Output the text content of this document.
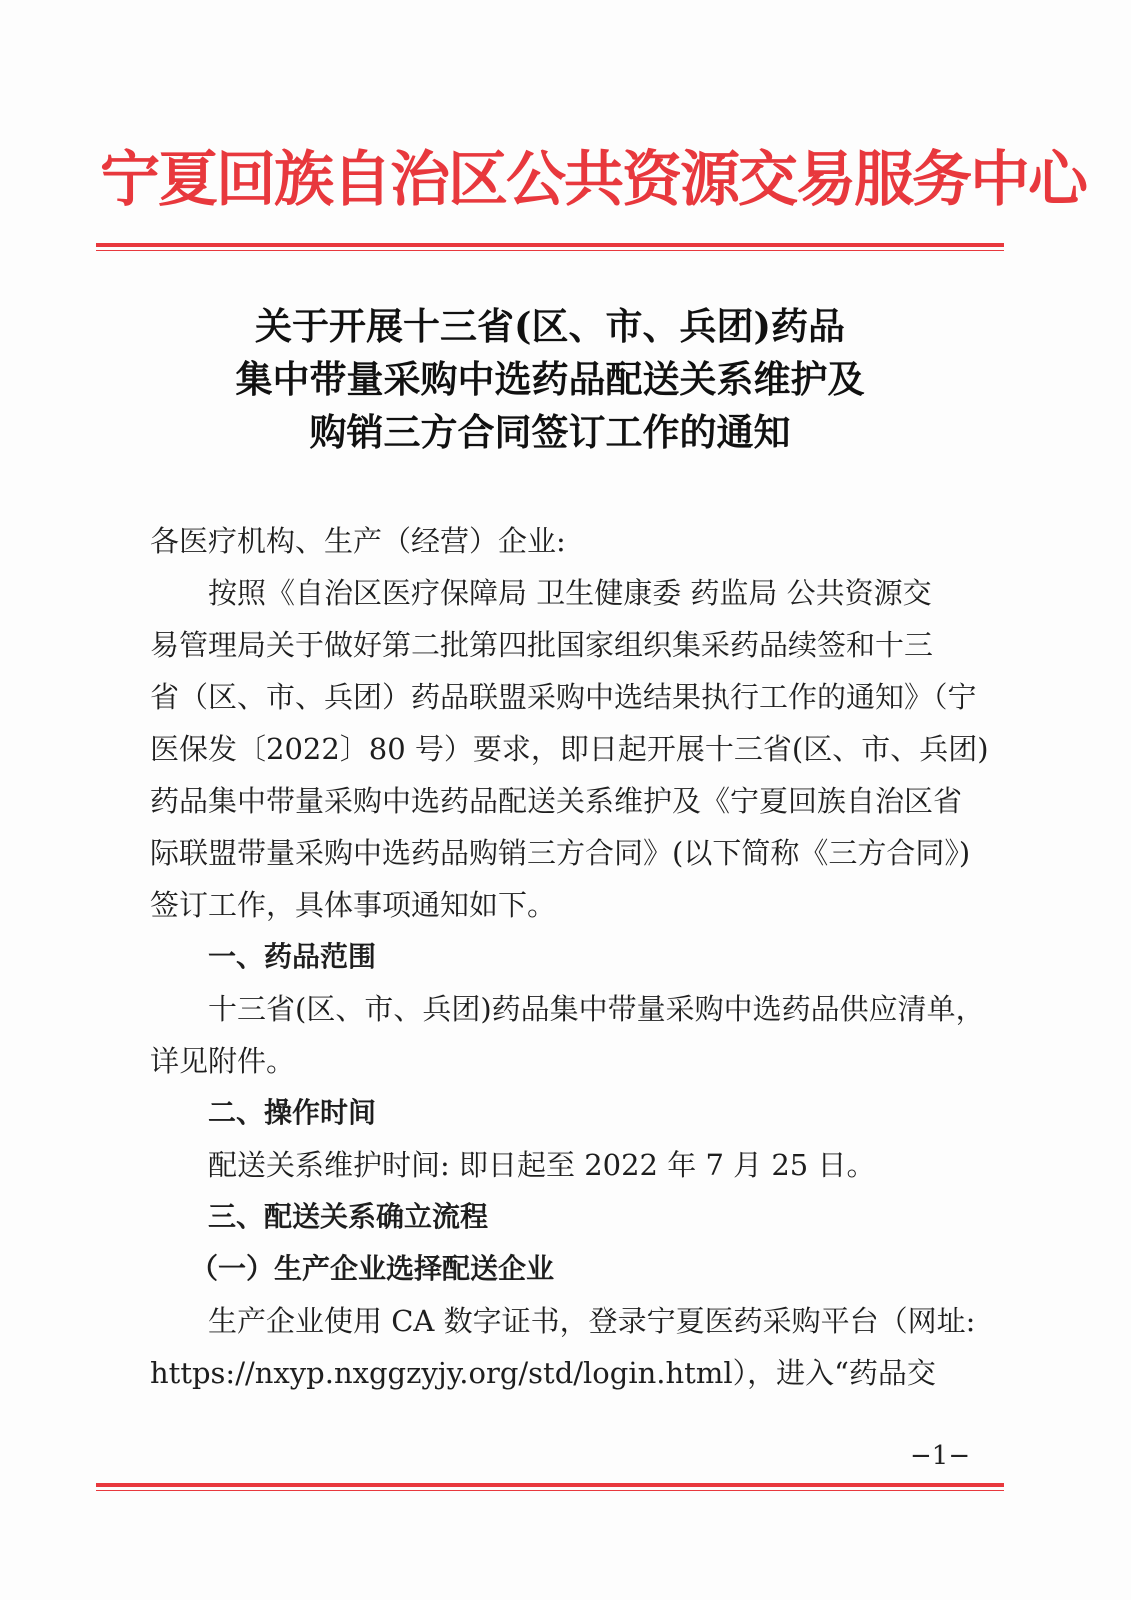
宁夏回族自治区公共资源交易服务中心
关于开展十三省(区、市、兵团)药品
集中带量采购中选药品配送关系维护及
购销三方合同签订工作的通知

各医疗机构、生产（经营）企业:

按照《自治区医疗保障局 卫生健康委 药监局 公共资源交
易管理局关于做好第二批第四批国家组织集采药品续签和十三
省（区、市、兵团）药品联盟采购中选结果执行工作的通知》（宁
医保发〔2022〕80 号）要求，即日起开展十三省(区、市、兵团)
药品集中带量采购中选药品配送关系维护及《宁夏回族自治区省
际联盟带量采购中选药品购销三方合同》(以下简称《三方合同》)
签订工作，具体事项通知如下。

一、药品范围

十三省(区、市、兵团)药品集中带量采购中选药品供应清单，
详见附件。

二、操作时间

配送关系维护时间: 即日起至 2022 年 7 月 25 日。

三、配送关系确立流程

（一）生产企业选择配送企业

生产企业使用 CA 数字证书，登录宁夏医药采购平台（网址:
https://nxyp.nxggzyjy.org/std/login.html），进入“药品交

−1−
